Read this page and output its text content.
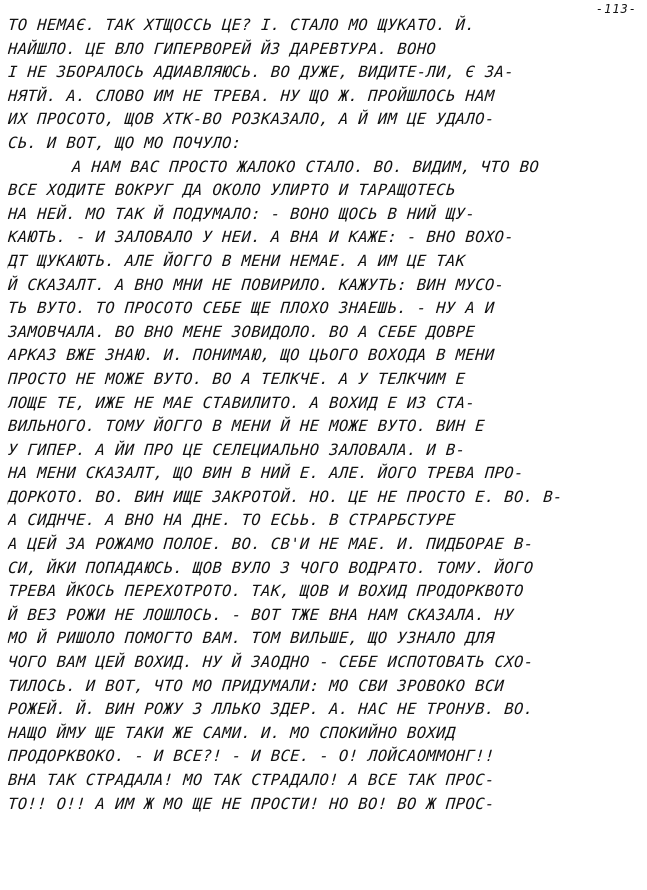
-113-
ТО НЕМАЄ. ТАК ХТЩОССЬ ЦЕ? І. СТАЛО МО ЩУКАТО. Й.
НАЙШЛО. ЦЕ ВЛО ГИПЕРВОРЕЙ ЙЗ ДАРЕВТУРА. ВОНО
І НЕ ЗБОРАЛОСЬ АДИАВЛЯЮСЬ. ВО ДУЖЕ, ВИДИТЕ-ЛИ, Є ЗА-
НЯТЙ. А. СЛОВО ИМ НЕ ТРЕВА. НУ ЩО Ж. ПРОЙШЛОСЬ НАМ
ИХ ПРОСОТО, ЩОВ ХТК-ВО РОЗКАЗАЛО, А Й ИМ ЦЕ УДАЛО-
СЬ. И ВОТ, ЩО МО ПОЧУЛО:
А НАМ ВАС ПРОСТО ЖАЛОКО СТАЛО. ВО. ВИДИМ, ЧТО ВО
ВСЕ ХОДИТЕ ВОКРУГ ДА ОКОЛО УЛИРТО И ТАРАЩОТЕСЬ
НА НЕЙ. МО ТАК Й ПОДУМАЛО: - ВОНО ЩОСЬ В НИЙ ЩУ-
КАЮТЬ. - И ЗАЛОВАЛО У НЕИ. А ВНА И КАЖЕ: - ВНО ВОХО-
ДТ ЩУКАЮТЬ. АЛЕ ЙОГГО В МЕНИ НЕМАЕ. А ИМ ЦЕ ТАК
Й СКАЗАЛТ. А ВНО МНИ НЕ ПОВИРИЛО. КАЖУТЬ: ВИН МУСО-
ТЬ ВУТО. ТО ПРОСОТО СЕБЕ ЩЕ ПЛОХО ЗНАЕШЬ. - НУ А И
ЗАМОВЧАЛА. ВО ВНО МЕНЕ ЗОВИДОЛО. ВО А СЕБЕ ДОВРЕ
АРКАЗ ВЖЕ ЗНАЮ. И. ПОНИМАЮ, ЩО ЦЬОГО ВОХОДА В МЕНИ
ПРОСТО НЕ МОЖЕ ВУТО. ВО А ТЕЛКЧЕ. А У ТЕЛКЧИМ Е
ЛОЩЕ ТЕ, ИЖЕ НЕ МАЕ СТАВИЛИТО. А ВОХИД Е ИЗ СТА-
ВИЛЬНОГО. ТОМУ ЙОГГО В МЕНИ Й НЕ МОЖЕ ВУТО. ВИН Е
У ГИПЕР. А ЙИ ПРО ЦЕ СЕЛЕЦИАЛЬНО ЗАЛОВАЛА. И В-
НА МЕНИ СКАЗАЛТ, ЩО ВИН В НИЙ Е. АЛЕ. ЙОГО ТРЕВА ПРО-
ДОРКОТО. ВО. ВИН ИЩЕ ЗАКРОТОЙ. НО. ЦЕ НЕ ПРОСТО Е. ВО. В-
А СИДНЧЕ. А ВНО НА ДНЕ. ТО ЕСЬЬ. В СТРАРБСТУРЕ
А ЦЕЙ ЗА РОЖАМО ПОЛОЕ. ВО. СВ'И НЕ МАЕ. И. ПИДБОРАЕ В-
СИ, ЙКИ ПОПАДАЮСЬ. ЩОВ ВУЛО З ЧОГО ВОДРАТО. ТОМУ. ЙОГО
ТРЕВА ЙКОСЬ ПЕРЕХОТРОТО. ТАК, ЩОВ И ВОХИД ПРОДОРКВОТО
Й ВЕЗ РОЖИ НЕ ЛОШЛОСЬ. - ВОТ ТЖЕ ВНА НАМ СКАЗАЛА. НУ
МО Й РИШОЛО ПОМОГТО ВАМ. ТОМ ВИЛЬШЕ, ЩО УЗНАЛО ДЛЯ
ЧОГО ВАМ ЦЕЙ ВОХИД. НУ Й ЗАОДНО - СЕБЕ ИСПОТОВАТЬ СХО-
ТИЛОСЬ. И ВОТ, ЧТО МО ПРИДУМАЛИ: МО СВИ ЗРОВОКО ВСИ
РОЖЕЙ. Й. ВИН РОЖУ З ЛЛЬКО ЗДЕР. А. НАС НЕ ТРОНУВ. ВО.
НАЩО ЙМУ ЩЕ ТАКИ ЖЕ САМИ. И. МО СПОКИЙНО ВОХИД
ПРОДОРКВОКО. - И ВСЕ?! - И ВСЕ. - О! ЛОЙСАОММОНГ!!
ВНА ТАК СТРАДАЛА! МО ТАК СТРАДАЛО! А ВСЕ ТАК ПРОС-
ТО!! О!! А ИМ Ж МО ЩЕ НЕ ПРОСТИ! НО ВО! ВО Ж ПРОС-
